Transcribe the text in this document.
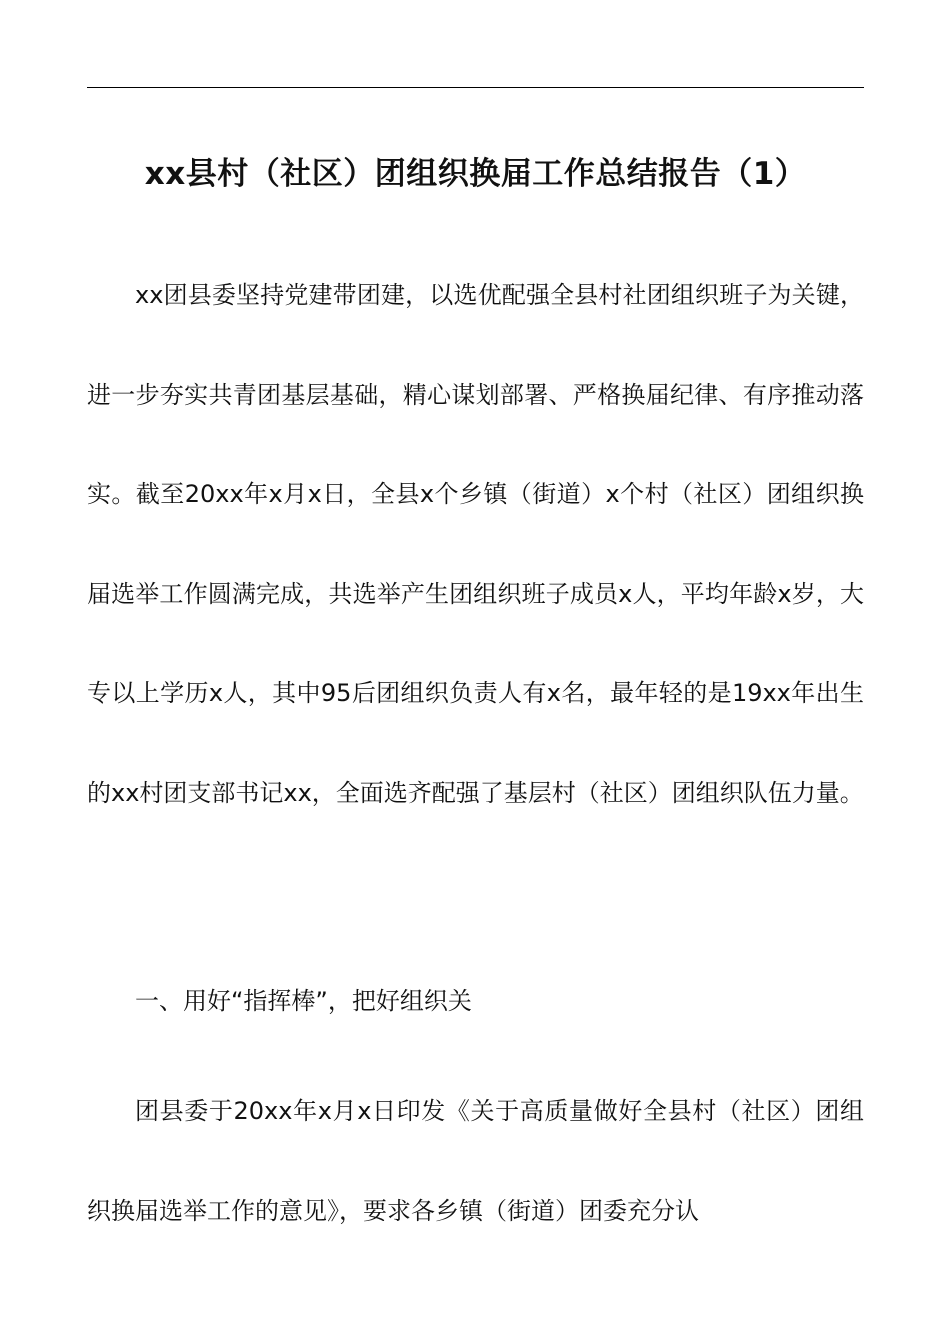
xx县村（社区）团组织换届工作总结报告（1）

xx团县委坚持党建带团建，以选优配强全县村社团组织班子为关键，进一步夯实共青团基层基础，精心谋划部署、严格换届纪律、有序推动落实。截至20xx年x月x日，全县x个乡镇（街道）x个村（社区）团组织换届选举工作圆满完成，共选举产生团组织班子成员x人，平均年龄x岁，大专以上学历x人，其中95后团组织负责人有x名，最年轻的是19xx年出生的xx村团支部书记xx，全面选齐配强了基层村（社区）团组织队伍力量。

一、用好“指挥棒”，把好组织关

团县委于20xx年x月x日印发《关于高质量做好全县村（社区）团组织换届选举工作的意见》，要求各乡镇（街道）团委充分认
